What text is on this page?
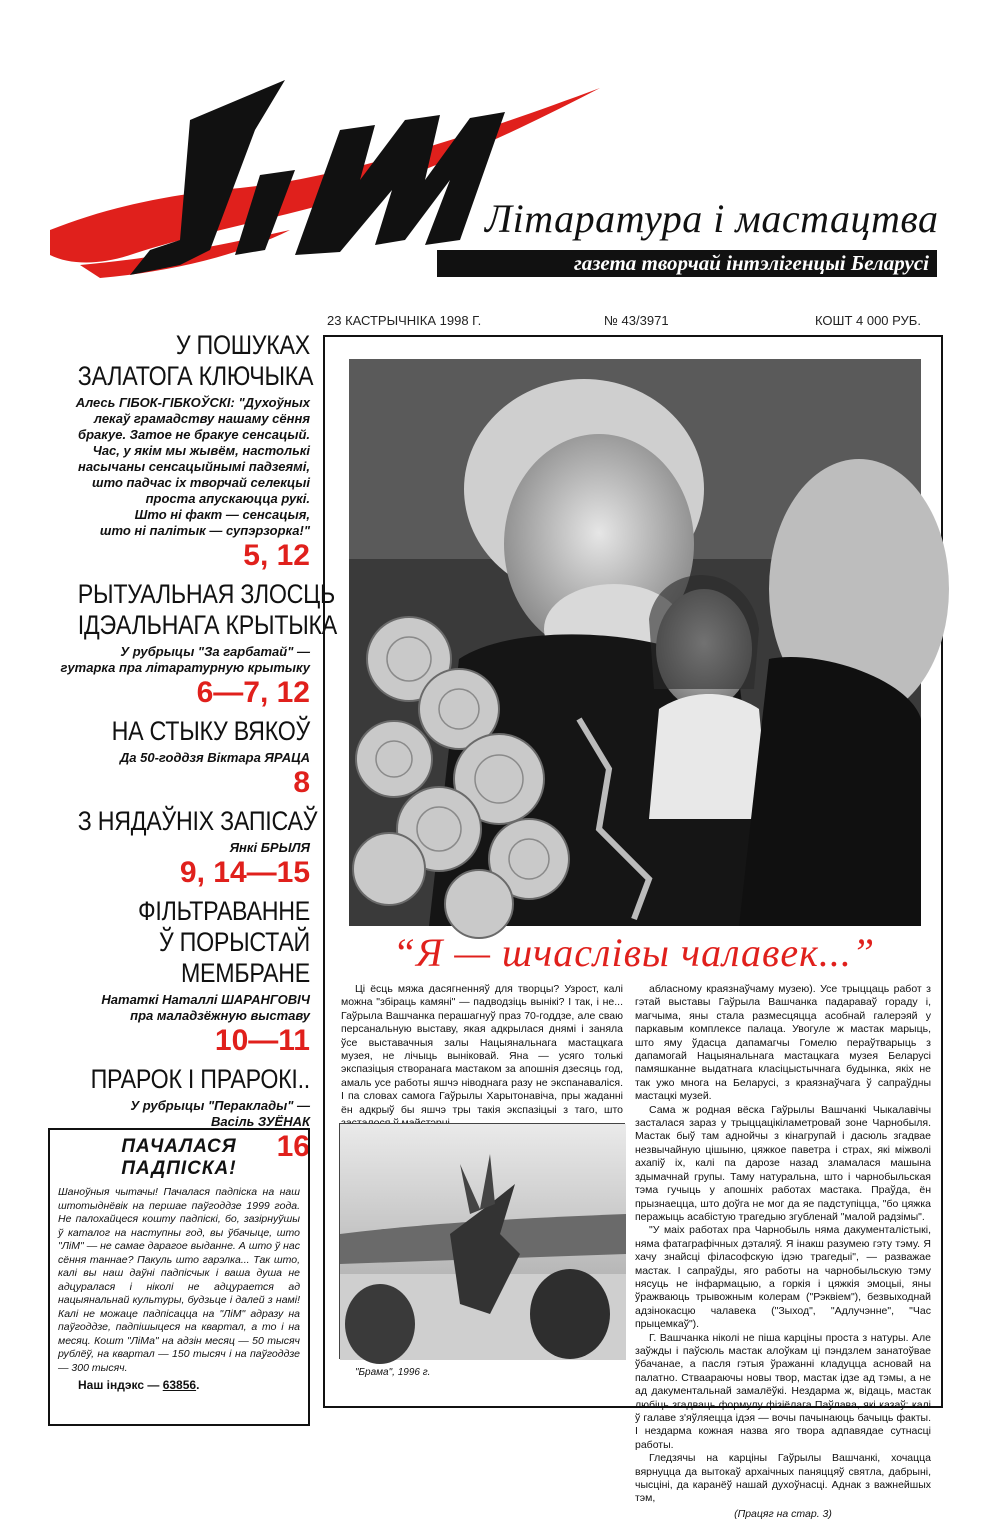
Літаратура і мастацтва
газета творчай інтэлігенцыі Беларусі
23 КАСТРЫЧНІКА 1998 Г.	№ 43/3971	КОШТ 4 000 РУБ.
У ПОШУКАХ
ЗАЛАТОГА КЛЮЧЫКА
Алесь ГІБОК-ГІБКОЎСКІ: "Духоўных
лекаў грамадству нашаму сёння
бракуе. Затое не бракуе сенсацый.
Час, у якім мы жывём, настолькі
насычаны сенсацыйнымі падзеямі,
што падчас іх творчай селекцыі
проста апускаюцца рукі.
Што ні факт — сенсацыя,
што ні палітык — супэрзорка!"
5, 12
РЫТУАЛЬНАЯ ЗЛОСЦЬ
ІДЭАЛЬНАГА КРЫТЫКА
У рубрыцы "За гарбатай" —
гутарка пра літаратурную крытыку
6—7, 12
НА СТЫКУ ВЯКОЎ
Да 50-годдзя Віктара ЯРАЦА
8
З НЯДАЎНІХ ЗАПІСАЎ
Янкі БРЫЛЯ
9, 14—15
ФІЛЬТРАВАННЕ
Ў ПОРЫСТАЙ
МЕМБРАНЕ
Нататкі Наталлі ШАРАНГОВІЧ
пра маладзёжную выставу
10—11
ПРАРОК І ПРАРОКІ..
У рубрыцы "Пераклады" —
Васіль ЗУЁНАК
16
ПАЧАЛАСЯ
ПАДПІСКА!
Шаноўныя чытачы! Пачалася падпіска на наш штотыднёвік на першае паўгоддзе 1999 года. Не палохайцеся кошту падпіскі, бо, зазірнуўшы ў каталог на наступны год, вы ўбачыце, што "ЛіМ" — не самае дарагое выданне. А што ў нас сёння таннае? Пакуль што гарэлка... Так што, калі вы наш даўні падпісчык і ваша душа не адцуралася і ніколі не адцурается ад нацыянальнай культуры, будзьце і далей з намі! Калі не можаце падпісацца на "ЛіМ" адразу на паўгоддзе, падпішыцеся на квартал, а то і на месяц. Кошт "ЛіМа" на адзін месяц — 50 тысяч рублёў, на квартал — 150 тысяч і на паўгоддзе — 300 тысяч.
Наш індэкс — 63856.
“Я — шчаслівы чалавек...”

Ці ёсць мяжа дасягненняў для творцы? Узрост, калі можна "збіраць камяні" — падводзіць вынікі? І так, і не... Гаўрыла Вашчанка перашагнуў праз 70-годдзе, але сваю персанальную выставу, якая адкрылася днямі і заняла ўсе выставачныя залы Нацыянальнага мастацкага музея, не лічыць вынiковай. Яна — усяго толькі экспазіцыя створанага мастаком за апошнія дзесяць год, амаль усе работы яшчэ ніводнага разу не экспанаваліся. І па словах самога Гаўрылы Харытонавіча, пры жаданні ён адкрыў бы яшчэ тры такія экспазіцыі з таго, што

"Брама", 1996 г.

абласному краязнаўчаму музею). Усе трыццаць работ з гэтай выставы Гаўрыла Вашчанка падараваў гораду і, магчыма, яны стала размесцяцца асобнай галерэяй у паркавым комплексе палаца. Увогуле ж мастак марыць, што яму ўдасца дапамагчы Гомелю пераўтварыць з дапамогай Нацыянальнага мастацкага музея Беларусі памяшканне выдатнага класіцыстычнага будынка, якіх не так ужо многа на Беларусі, з краязнаўчага ў сапраўдны мастацкі музей.

Сама ж родная вёска Гаўрылы Вашчанкі Чыкалавічы засталася зараз у трыццацікіламетровай зоне Чарнобыля. Мастак быў там аднойчы з кінагрупай і дасюль згадвае незвычайную цішыню, цяжкое паветра і страх, які міжволі ахапіў іх, калі па дарозе назад зламалася машына здымачнай групы. Таму натуральна, што і чарнобыльская тэма гучыць у апошніх работах мастака. Праўда, ён прызнаецца, што доўга не мог да яе падступіцца, "бо цяжка перажыць асабістую трагедыю згубленай "малой радзімы".

"У маіх работах пра Чарнобыль няма дакументалістыкі, няма фатаграфічных дэталяў. Я інакш разумею гэту тэму. Я хачу знайсці філасофскую ідэю трагедыі", — разважае мастак. І сапраўды, яго работы на чарнобыльскую тэму нясуць не інфармацыю, а горкія і цяжкія эмоцыі, яны ўражваюць трывожным колерам ("Рэквіем"), безвыходнай адзінокасцю чалавека ("Зыход", "Адлучэнне", "Час прыцемкаў").

Г. Вашчанка ніколі не піша карціны проста з натуры. Але заўжды і паўсюль мастак алоўкам ці пэндзлем занатоўвае ўбачанае, а пасля гэтыя ўражанні кладуцца асновай на палатно. Стваараючы новы твор, мастак ідзе ад тэмы, а не ад дакументальнай замалёўкі. Нездарма ж, відаць, мастак любіць згадваць формулу фізіёлага Паўлава, які казаў: калі ў галаве з'яўляецца ідэя — вочы пачынаюць бачыць факты. І нездарма кожная назва яго твора адпавядае сутнасці работы.

Гледзячы на карціны Гаўрылы Вашчанкі, хочацца вярнуцца да вытокаў архаічных паняццяў святла, дабрыні, чысціні, да каранёў нашай духоўнасці. Аднак з важнейшых тэм,

(Працяг на стар. 3)
